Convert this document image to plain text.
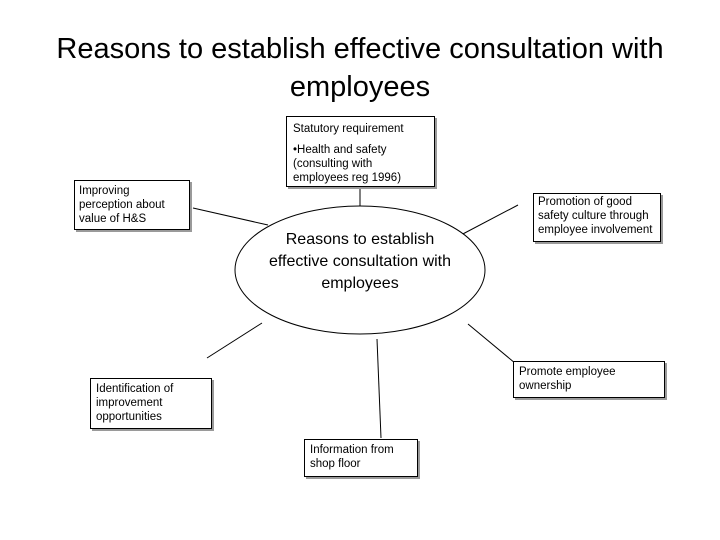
Reasons to establish effective consultation with employees
Reasons to establish effective consultation with employees
Statutory requirement
•Health and safety (consulting with employees reg 1996)
Improving perception about value of H&S
Promotion of good safety culture through employee involvement
Promote employee ownership
Identification of improvement opportunities
Information from shop floor
